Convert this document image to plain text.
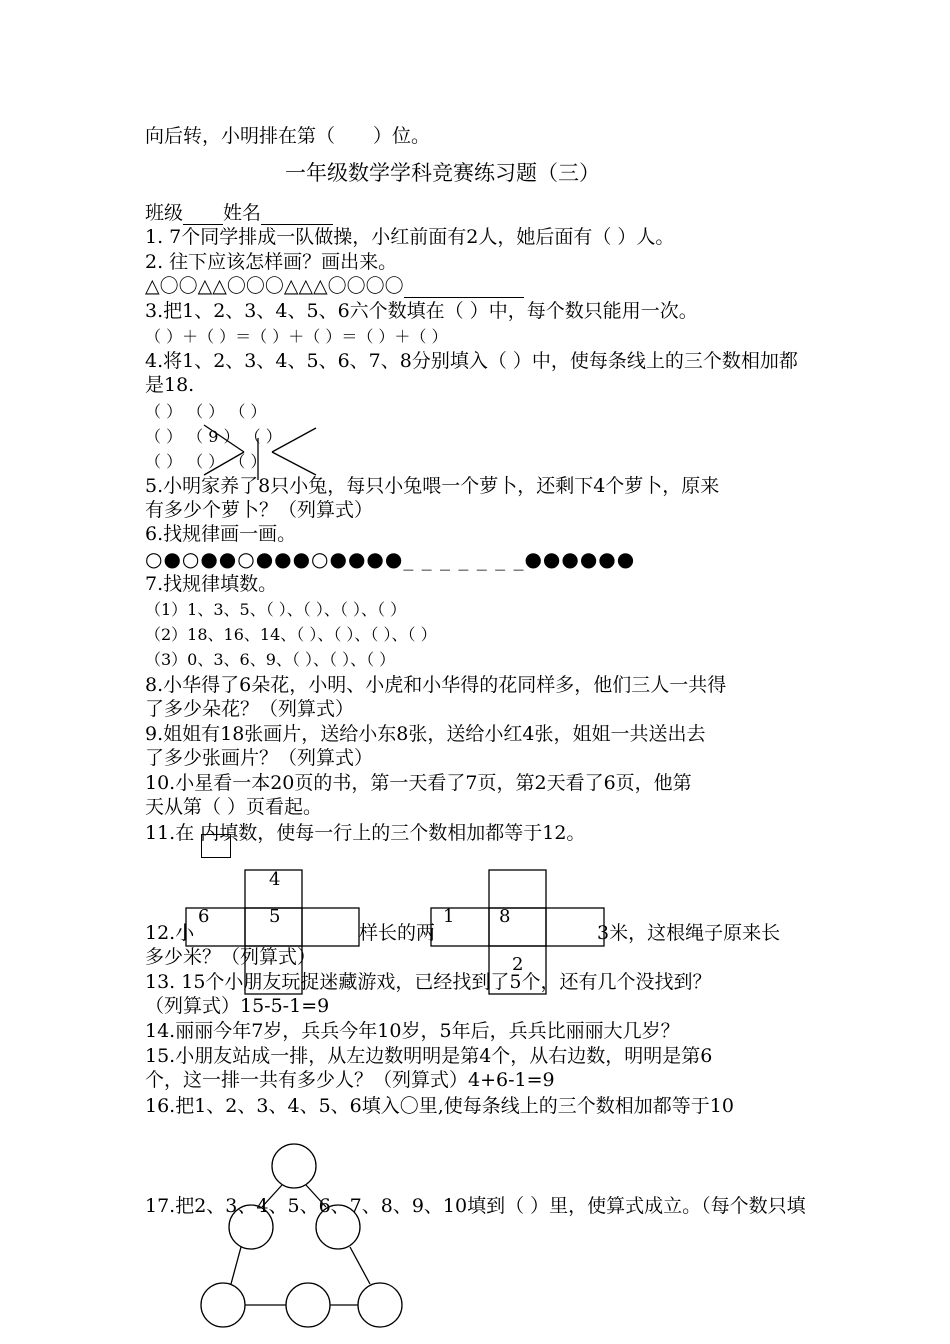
向后转，小明排在第（　　）位。
一年级数学学科竞赛练习题（三）
班级 姓名
1. 7个同学排成一队做操，小红前面有2人，她后面有（ ）人。
2. 往下应该怎样画？画出来。
△〇〇△△〇〇〇△△△〇〇〇〇
3.把1、2、3、4、5、6六个数填在（ ）中，每个数只能用一次。
（ ）＋（ ）＝（ ）＋（ ）＝（ ）＋（ ）
4.将1、2、3、4、5、6、7、8分别填入（ ）中，使每条线上的三个数相加都
是18.
（ ） （ ） （ ）
（ ） （ 9 ） （ ）
（ ） （ ） （ ）
5.小明家养了8只小兔，每只小兔喂一个萝卜，还剩下4个萝卜，原来
有多少个萝卜？（列算式）
6.找规律画一画。
○●○●●○●●●○●●●●_ _ _ _ _ _ _●●●●●●
7.找规律填数。
（1）1、3、5、（ ）、（ ）、（ ）、（ ）
（2）18、16、14、（ ）、（ ）、（ ）、（ ）
（3）0、3、6、9、（ ）、（ ）、（ ）
8.小华得了6朵花，小明、小虎和小华得的花同样多，他们三人一共得
了多少朵花？（列算式）
9.姐姐有18张画片，送给小东8张，送给小红4张，姐姐一共送出去
了多少张画片？（列算式）
10.小星看一本20页的书，第一天看了7页，第2天看了6页，他第
天从第（ ）页看起。
11.在 内填数，使每一行上的三个数相加都等于12。
12.小	样长的两	3米，这根绳子原来长
多少米？（列算式）
13. 15个小朋友玩捉迷藏游戏，已经找到了5个，还有几个没找到？
（列算式）15-5-1=9
14.丽丽今年7岁，兵兵今年10岁，5年后，兵兵比丽丽大几岁？
15.小朋友站成一排，从左边数明明是第4个，从右边数，明明是第6
个，这一排一共有多少人？（列算式）4+6-1=9
16.把1、2、3、4、5、6填入〇里,使每条线上的三个数相加都等于10
17.把2、3、4、5、6、7、8、9、10填到（ ）里，使算式成立。（每个数只填
4
6	5	1 8
2
